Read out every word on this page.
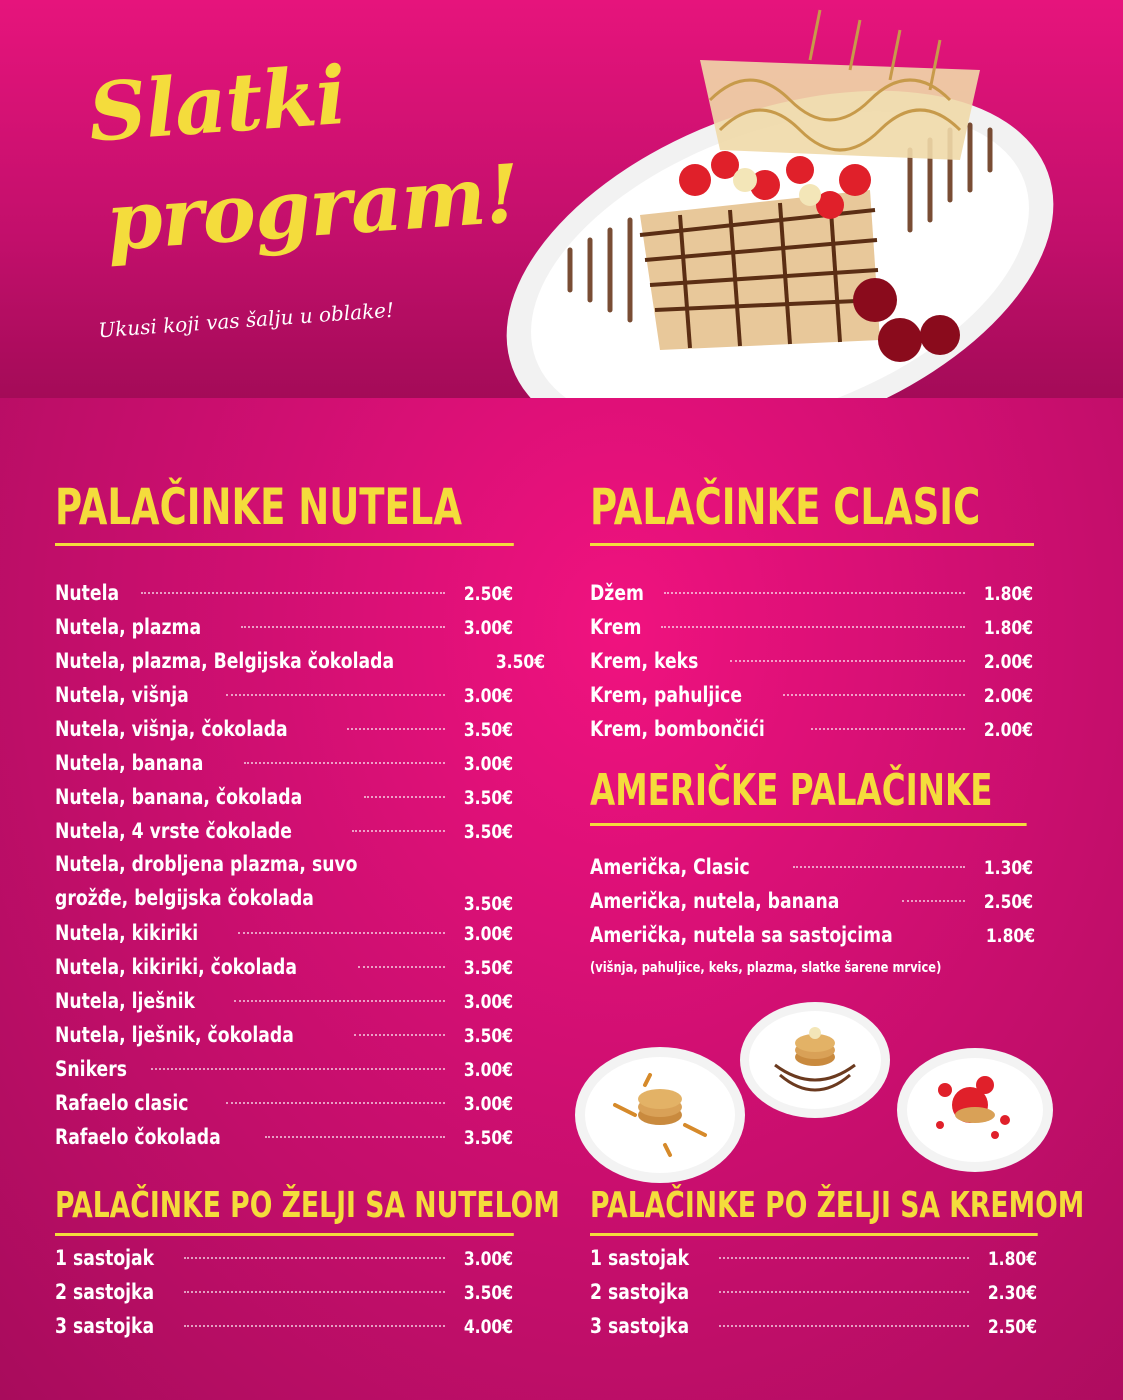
Slatki
program!
Ukusi koji vas šalju u oblake!
PALAČINKE NUTELA
Nutela	2.50€
Nutela, plazma	3.00€
Nutela, plazma, Belgijska čokolada	3.50€
Nutela, višnja	3.00€
Nutela, višnja, čokolada	3.50€
Nutela, banana	3.00€
Nutela, banana, čokolada	3.50€
Nutela, 4 vrste čokolade	3.50€
Nutela, drobljena plazma, suvo grožđe, belgijska čokolada	3.50€
Nutela, kikiriki	3.00€
Nutela, kikiriki, čokolada	3.50€
Nutela, lješnik	3.00€
Nutela, lješnik, čokolada	3.50€
Snikers	3.00€
Rafaelo clasic	3.00€
Rafaelo čokolada	3.50€
PALAČINKE CLASIC
Džem	1.80€
Krem	1.80€
Krem, keks	2.00€
Krem, pahuljice	2.00€
Krem, bombončići	2.00€
AMERIČKE PALAČINKE
Američka, Clasic	1.30€
Američka, nutela, banana	2.50€
Američka, nutela sa sastojcima	1.80€
(višnja, pahuljice, keks, plazma, slatke šarene mrvice)
PALAČINKE PO ŽELJI SA NUTELOM
1 sastojak	3.00€
2 sastojka	3.50€
3 sastojka	4.00€
PALAČINKE PO ŽELJI SA KREMOM
1 sastojak	1.80€
2 sastojka	2.30€
3 sastojka	2.50€
